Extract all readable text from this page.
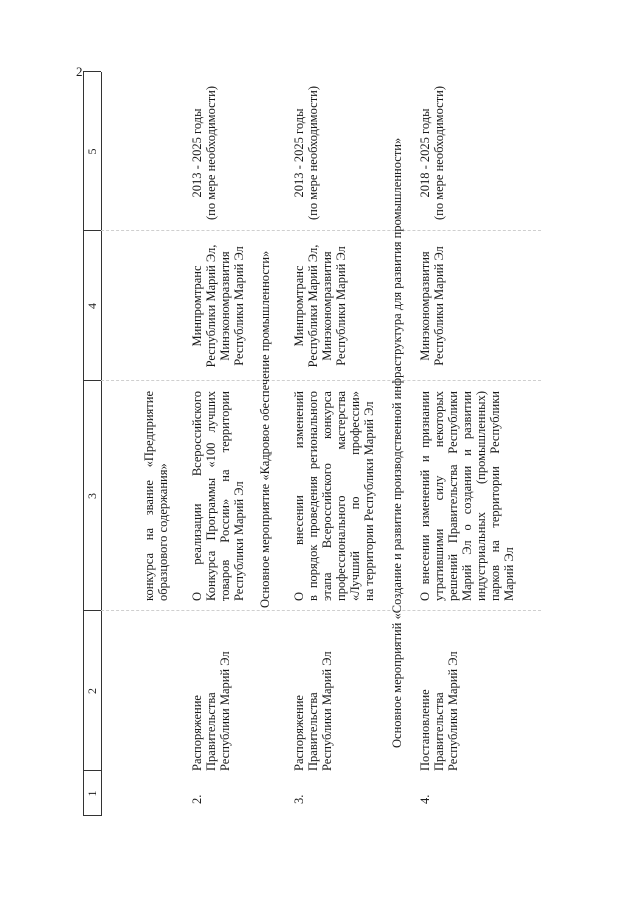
2
1
2
3
4
5
конкурса на звание «Предприятие образцового содержания»
2.
Распоряжение Правительства Республики Марий Эл
О реализации Всероссийского Конкурса Программы «100 лучших товаров России» на территории Республики Марий Эл
Минпромтранс Республики Марий Эл, Минэкономразвития Республики Марий Эл
2013 - 2025 годы (по мере необходимости)
Основное мероприятие «Кадровое обеспечение промышленности»
3.
Распоряжение Правительства Республики Марий Эл
О внесении изменений в порядок проведения регионального этапа Всероссийского конкурса профессионального мастерства «Лучший по профессии» на территории Республики Марий Эл
Минпромтранс Республики Марий Эл, Минэкономразвития Республики Марий Эл
2013 - 2025 годы (по мере необходимости)	Основное мероприятий «Создание и развитие производственной инфраструктура для развития промышленности»
4.
Постановление Правительства Республики Марий Эл
О внесении изменений и признании утратившими силу некоторых решений Правительства Республики Марий Эл о создании и развитии индустриальных (промышленных) парков на территории Республики Марий Эл
Минэкономразвития Республики Марий Эл
2018 - 2025 годы (по мере необходимости)
